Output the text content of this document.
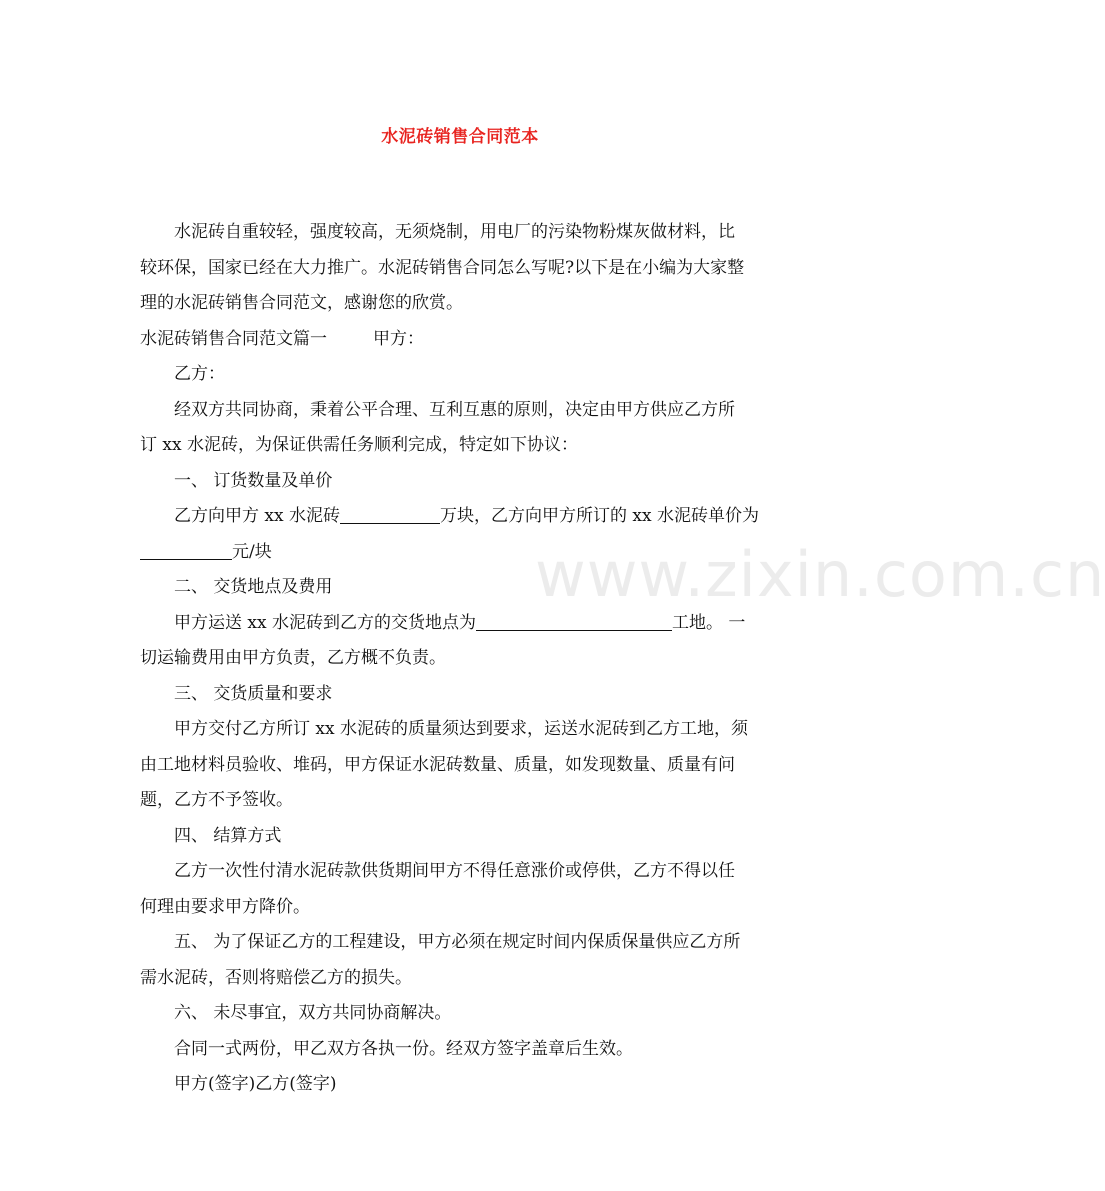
www.zixin.com.cn
水泥砖销售合同范本
水泥砖自重较轻，强度较高，无须烧制，用电厂的污染物粉煤灰做材料，比
较环保，国家已经在大力推广。水泥砖销售合同怎么写呢?以下是在小编为大家整
理的水泥砖销售合同范文，感谢您的欣赏。
水泥砖销售合同范文篇一	甲方：
乙方：
经双方共同协商，秉着公平合理、互利互惠的原则，决定由甲方供应乙方所
订 xx 水泥砖，为保证供需任务顺利完成，特定如下协议：
一、 订货数量及单价
乙方向甲方 xx 水泥砖	万块，乙方向甲方所订的 xx 水泥砖单价为
元/块
二、 交货地点及费用
甲方运送 xx 水泥砖到乙方的交货地点为	工地。 一
切运输费用由甲方负责，乙方概不负责。
三、 交货质量和要求
甲方交付乙方所订 xx 水泥砖的质量须达到要求，运送水泥砖到乙方工地，须
由工地材料员验收、堆码，甲方保证水泥砖数量、质量，如发现数量、质量有问
题，乙方不予签收。
四、 结算方式
乙方一次性付清水泥砖款供货期间甲方不得任意涨价或停供，乙方不得以任
何理由要求甲方降价。
五、 为了保证乙方的工程建设，甲方必须在规定时间内保质保量供应乙方所
需水泥砖，否则将赔偿乙方的损失。
六、 未尽事宜，双方共同协商解决。
合同一式两份，甲乙双方各执一份。经双方签字盖章后生效。
甲方(签字)乙方(签字)
